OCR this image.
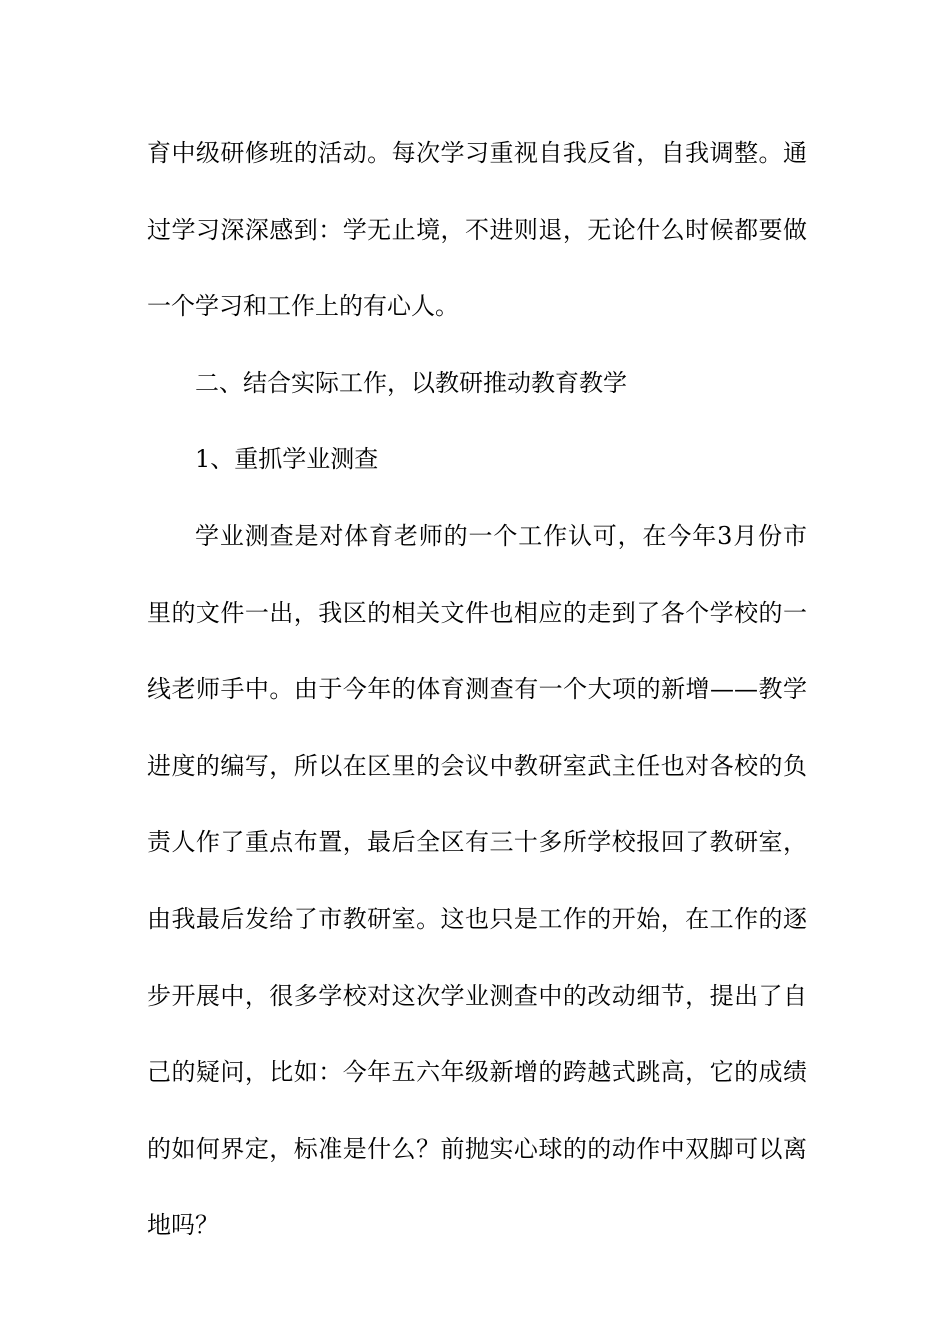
育中级研修班的活动。每次学习重视自我反省，自我调整。通
过学习深深感到：学无止境，不进则退，无论什么时候都要做
一个学习和工作上的有心人。
二、结合实际工作，以教研推动教育教学
1、重抓学业测查
学业测查是对体育老师的一个工作认可，在今年3月份市
里的文件一出，我区的相关文件也相应的走到了各个学校的一
线老师手中。由于今年的体育测查有一个大项的新增——教学
进度的编写，所以在区里的会议中教研室武主任也对各校的负
责人作了重点布置，最后全区有三十多所学校报回了教研室，
由我最后发给了市教研室。这也只是工作的开始，在工作的逐
步开展中，很多学校对这次学业测查中的改动细节，提出了自
己的疑问，比如：今年五六年级新增的跨越式跳高，它的成绩
的如何界定，标准是什么？前抛实心球的的动作中双脚可以离
地吗？
